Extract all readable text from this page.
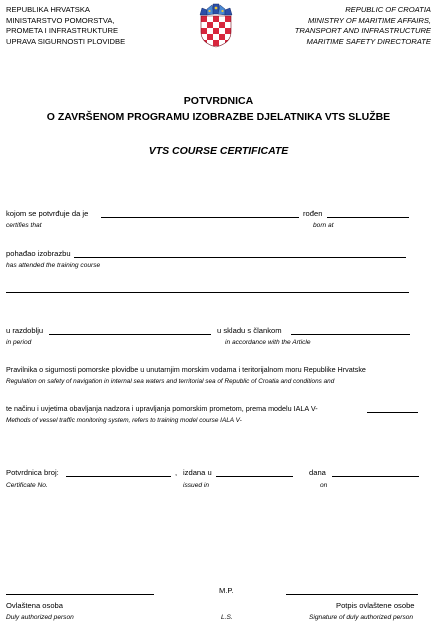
REPUBLIKA HRVATSKA
MINISTARSTVO POMORSTVA,
PROMETA I INFRASTRUKTURE
UPRAVA SIGURNOSTI PLOVIDBE
REPUBLIC OF CROATIA
MINISTRY OF MARITIME AFFAIRS,
TRANSPORT AND INFRASTRUCTURE
MARITIME SAFETY DIRECTORATE
POTVRDNICA
O ZAVRŠENOM PROGRAMU IZOBRAZBE DJELATNIKA VTS SLUŽBE
VTS COURSE CERTIFICATE
kojom se potvrđuje da je	rođen
certifies that	born at
pohađao izobrazbu
has attended the training course
u razdoblju	u skladu s člankom
in period	in accordance with the Article
Pravilnika o sigurnosti pomorske plovidbe u unutarnjim morskim vodama i teritorijalnom moru Republike Hrvatske
Regulation on safety of navigation in internal sea waters and territorial sea of Republic of Croatia and conditions and
te načinu i uvjetima obavljanja nadzora i upravljanja pomorskim prometom, prema modelu IALA V-
Methods of vessel traffic monitoring system, refers to training model course IALA V-
Potvrdnica broj:	, izdana u	dana
Certificate No.	issued in	on
M.P.
Ovlaštena osoba	Potpis ovlaštene osobe
Duly authorized person	L.S.	Signature of duly authorized person
